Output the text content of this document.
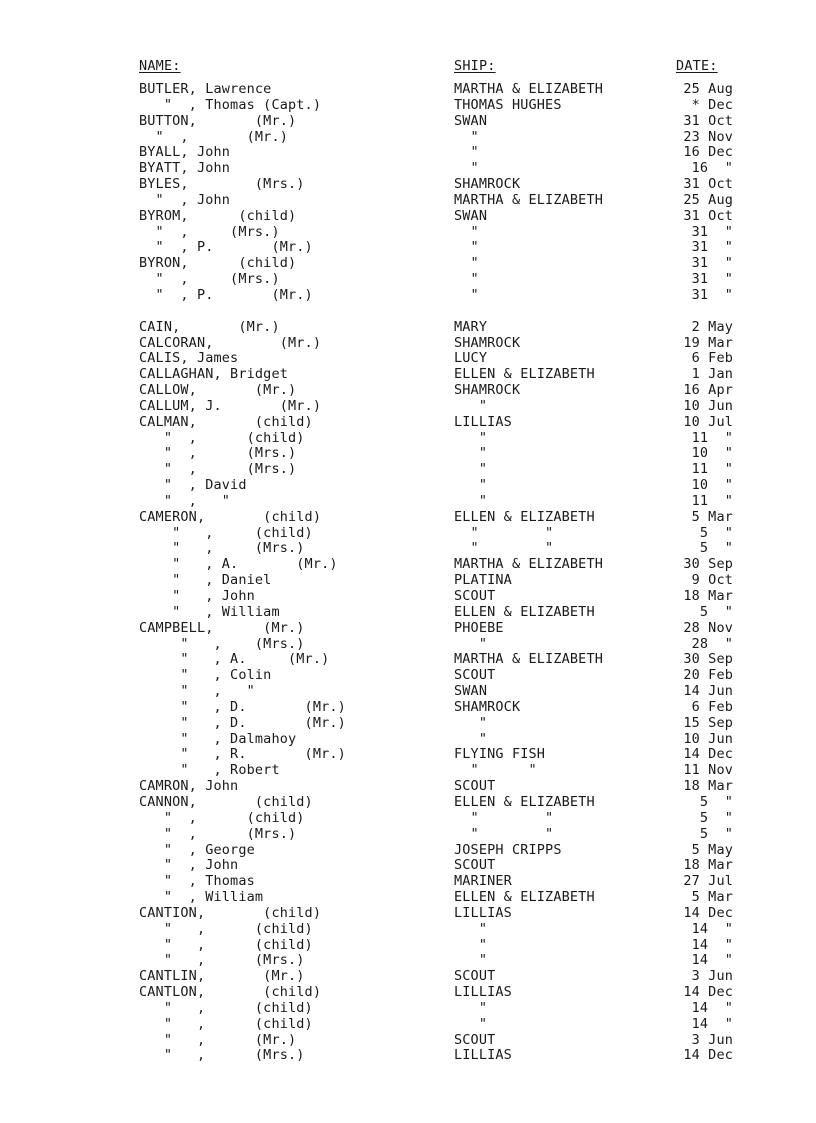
NAME:	SHIP:	DATE:
BUTLER, Lawrence	MARTHA & ELIZABETH	25 Aug
"  , Thomas (Capt.)	THOMAS HUGHES	* Dec
BUTTON,       (Mr.)	SWAN	31 Oct
"  ,       (Mr.)	"	23 Nov
BYALL, John	"	16 Dec
BYATT, John	"	16  "
BYLES,        (Mrs.)	SHAMROCK	31 Oct
"  , John	MARTHA & ELIZABETH	25 Aug
BYROM,      (child)	SWAN	31 Oct
"  ,     (Mrs.)	"	31  "
"  , P.       (Mr.)	"	31  "
BYRON,      (child)	"	31  "
"  ,     (Mrs.)	"	31  "
"  , P.       (Mr.)	"	31  "
CAIN,       (Mr.)	MARY	2 May
CALCORAN,        (Mr.)	SHAMROCK	19 Mar
CALIS, James	LUCY	6 Feb
CALLAGHAN, Bridget	ELLEN & ELIZABETH	1 Jan
CALLOW,       (Mr.)	SHAMROCK	16 Apr
CALLUM, J.       (Mr.)	"	10 Jun
CALMAN,       (child)	LILLIAS	10 Jul
"  ,      (child)	"	11  "
"  ,      (Mrs.)	"	10  "
"  ,      (Mrs.)	"	11  "
"  , David	"	10  "
"  ,   "	"	11  "
CAMERON,       (child)	ELLEN & ELIZABETH	5 Mar
"   ,     (child)	"        "	5  "
"   ,     (Mrs.)	"        "	5  "
"   , A.       (Mr.)	MARTHA & ELIZABETH	30 Sep
"   , Daniel	PLATINA	9 Oct
"   , John	SCOUT	18 Mar
"   , William	ELLEN & ELIZABETH	5  "
CAMPBELL,      (Mr.)	PHOEBE	28 Nov
"   ,    (Mrs.)	"	28  "
"   , A.     (Mr.)	MARTHA & ELIZABETH	30 Sep
"   , Colin	SCOUT	20 Feb
"   ,   "	SWAN	14 Jun
"   , D.       (Mr.)	SHAMROCK	6 Feb
"   , D.       (Mr.)	"	15 Sep
"   , Dalmahoy	"	10 Jun
"   , R.       (Mr.)	FLYING FISH	14 Dec
"   , Robert	"      "	11 Nov
CAMRON, John	SCOUT	18 Mar
CANNON,       (child)	ELLEN & ELIZABETH	5  "
"  ,      (child)	"        "	5  "
"  ,      (Mrs.)	"        "	5  "
"  , George	JOSEPH CRIPPS	5 May
"  , John	SCOUT	18 Mar
"  , Thomas	MARINER	27 Jul
"  , William	ELLEN & ELIZABETH	5 Mar
CANTION,       (child)	LILLIAS	14 Dec
"   ,      (child)	"	14  "
"   ,      (child)	"	14  "
"   ,      (Mrs.)	"	14  "
CANTLIN,       (Mr.)	SCOUT	3 Jun
CANTLON,       (child)	LILLIAS	14 Dec
"   ,      (child)	"	14  "
"   ,      (child)	"	14  "
"   ,      (Mr.)	SCOUT	3 Jun
"   ,      (Mrs.)	LILLIAS	14 Dec
